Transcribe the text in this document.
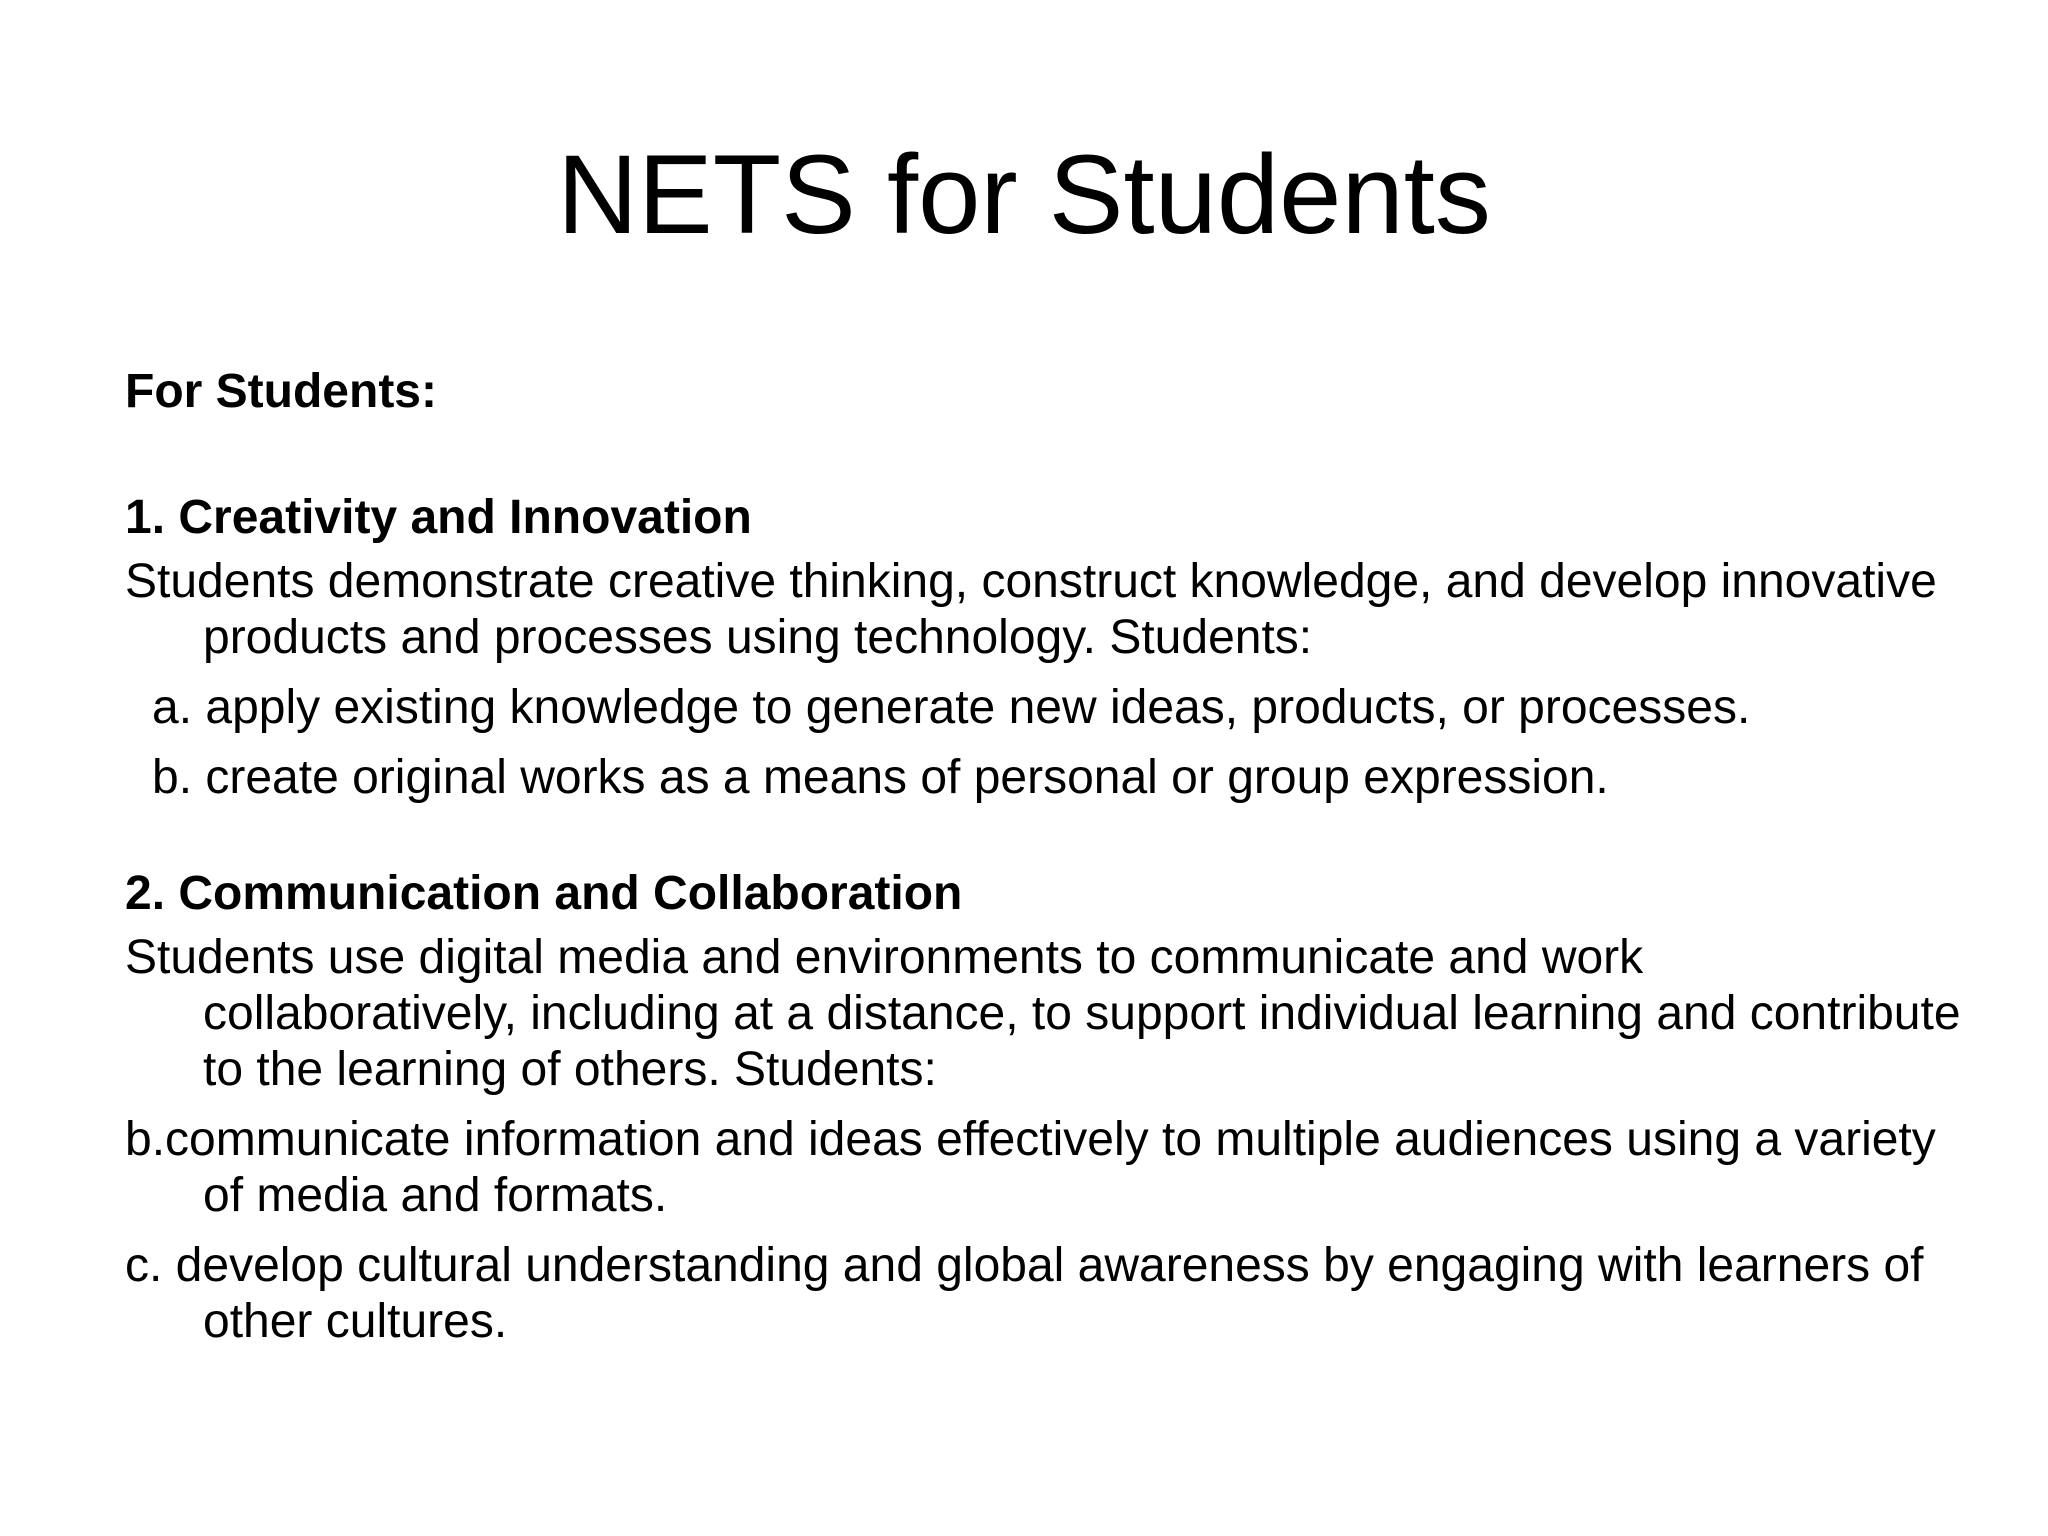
NETS for Students

For Students:

1. Creativity and Innovation

Students demonstrate creative thinking, construct knowledge, and develop innovative products and processes using technology. Students:

a. apply existing knowledge to generate new ideas, products, or processes.

b. create original works as a means of personal or group expression.

2. Communication and Collaboration

Students use digital media and environments to communicate and work collaboratively, including at a distance, to support individual learning and contribute to the learning of others. Students:

b.communicate information and ideas effectively to multiple audiences using a variety of media and formats.

c. develop cultural understanding and global awareness by engaging with learners of other cultures.
